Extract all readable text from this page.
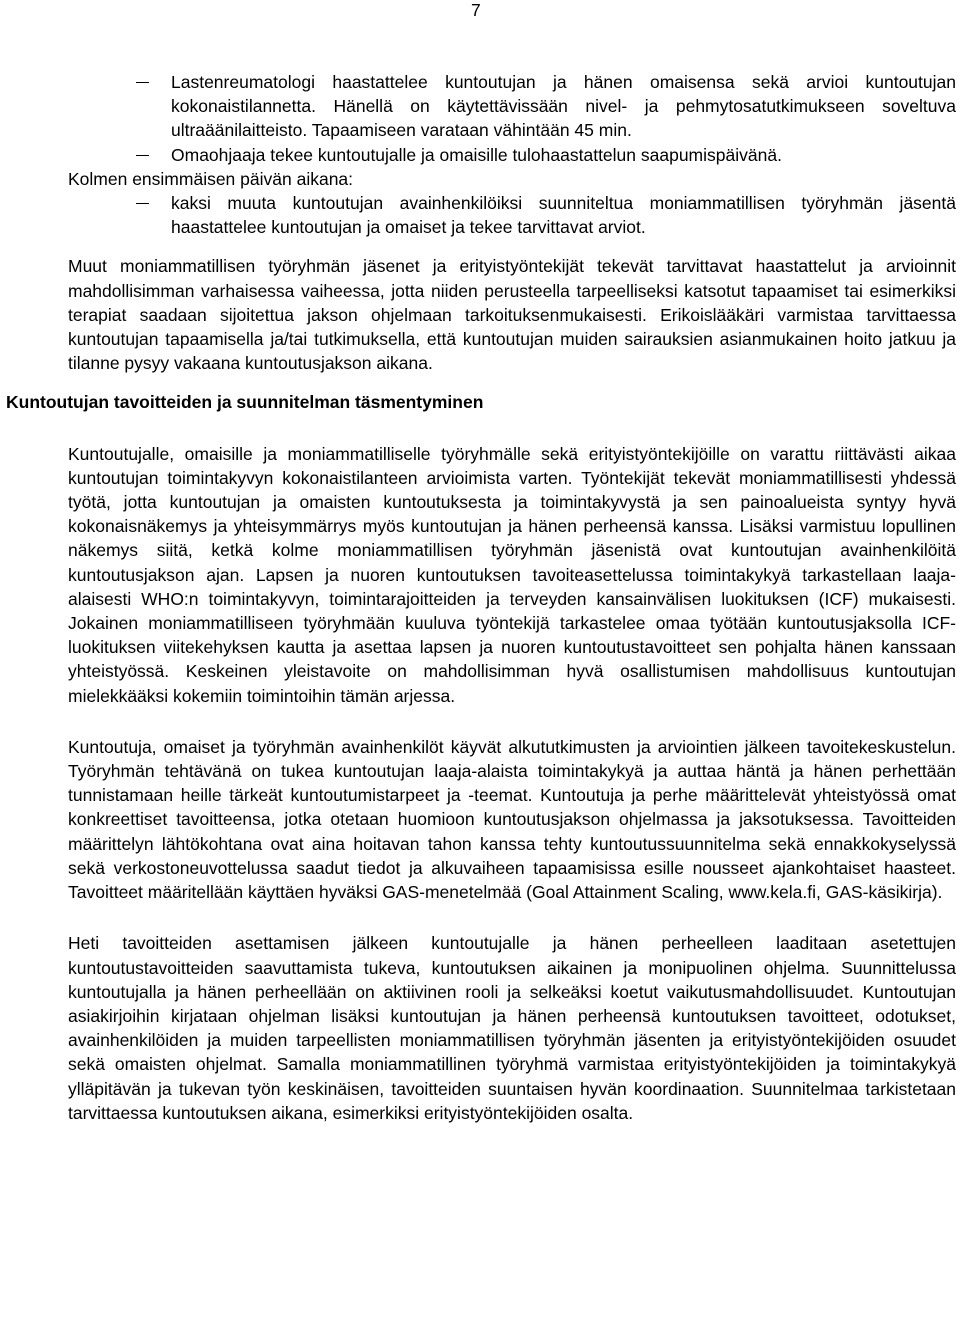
7

Lastenreumatologi haastattelee kuntoutujan ja hänen omaisensa sekä arvioi kuntoutujan kokonaistilannetta. Hänellä on käytettävissään nivel- ja pehmytosatutkimukseen soveltuva ultraäänilaitteisto. Tapaamiseen varataan vähintään 45 min.

Omaohjaaja tekee kuntoutujalle ja omaisille tulohaastattelun saapumispäivänä.

Kolmen ensimmäisen päivän aikana:

kaksi muuta kuntoutujan avainhenkilöiksi suunniteltua moniammatillisen työryhmän jäsentä haastattelee kuntoutujan ja omaiset ja tekee tarvittavat arviot.

Muut moniammatillisen työryhmän jäsenet ja erityistyöntekijät tekevät tarvittavat haastattelut ja arvioinnit mahdollisimman varhaisessa vaiheessa, jotta niiden perusteella tarpeelliseksi katsotut tapaamiset tai esimerkiksi terapiat saadaan sijoitettua jakson ohjelmaan tarkoituksenmukaisesti. Erikoislääkäri varmistaa tarvittaessa kuntoutujan tapaamisella ja/tai tutkimuksella, että kuntoutujan muiden sairauksien asianmukainen hoito jatkuu ja tilanne pysyy vakaana kuntoutusjakson aikana.

Kuntoutujan tavoitteiden ja suunnitelman täsmentyminen

Kuntoutujalle, omaisille ja moniammatilliselle työryhmälle sekä erityistyöntekijöille on varattu riittävästi aikaa kuntoutujan toimintakyvyn kokonaistilanteen arvioimista varten. Työntekijät tekevät moniammatillisesti yhdessä työtä, jotta kuntoutujan ja omaisten kuntoutuksesta ja toimintakyvystä ja sen painoalueista syntyy hyvä kokonaisnäkemys ja yhteisymmärrys myös kuntoutujan ja hänen perheensä kanssa. Lisäksi varmistuu lopullinen näkemys siitä, ketkä kolme moniammatillisen työryhmän jäsenistä ovat kuntoutujan avainhenkilöitä kuntoutusjakson ajan. Lapsen ja nuoren kuntoutuksen tavoiteasettelussa toimintakykyä tarkastellaan laaja-alaisesti WHO:n toimintakyvyn, toimintarajoitteiden ja terveyden kansainvälisen luokituksen (ICF) mukaisesti. Jokainen moniammatilliseen työryhmään kuuluva työntekijä tarkastelee omaa työtään kuntoutusjaksolla ICF-luokituksen viitekehyksen kautta ja asettaa lapsen ja nuoren kuntoutustavoitteet sen pohjalta hänen kanssaan yhteistyössä. Keskeinen yleistavoite on mahdollisimman hyvä osallistumisen mahdollisuus kuntoutujan mielekkääksi kokemiin toimintoihin tämän arjessa.

Kuntoutuja, omaiset ja työryhmän avainhenkilöt käyvät alkututkimusten ja arviointien jälkeen tavoitekeskustelun. Työryhmän tehtävänä on tukea kuntoutujan laaja-alaista toimintakykyä ja auttaa häntä ja hänen perhettään tunnistamaan heille tärkeät kuntoutumistarpeet ja -teemat. Kuntoutuja ja perhe määrittelevät yhteistyössä omat konkreettiset tavoitteensa, jotka otetaan huomioon kuntoutusjakson ohjelmassa ja jaksotuksessa. Tavoitteiden määrittelyn lähtökohtana ovat aina hoitavan tahon kanssa tehty kuntoutussuunnitelma sekä ennakkokyselyssä sekä verkostoneuvottelussa saadut tiedot ja alkuvaiheen tapaamisissa esille nousseet ajankohtaiset haasteet. Tavoitteet määritellään käyttäen hyväksi GAS-menetelmää (Goal Attainment Scaling, www.kela.fi, GAS-käsikirja).

Heti tavoitteiden asettamisen jälkeen kuntoutujalle ja hänen perheelleen laaditaan asetettujen kuntoutustavoitteiden saavuttamista tukeva, kuntoutuksen aikainen ja monipuolinen ohjelma. Suunnittelussa kuntoutujalla ja hänen perheellään on aktiivinen rooli ja selkeäksi koetut vaikutusmahdollisuudet. Kuntoutujan asiakirjoihin kirjataan ohjelman lisäksi kuntoutujan ja hänen perheensä kuntoutuksen tavoitteet, odotukset, avainhenkilöiden ja muiden tarpeellisten moniammatillisen työryhmän jäsenten ja erityistyöntekijöiden osuudet sekä omaisten ohjelmat. Samalla moniammatillinen työryhmä varmistaa erityistyöntekijöiden ja toimintakykyä ylläpitävän ja tukevan työn keskinäisen, tavoitteiden suuntaisen hyvän koordinaation. Suunnitelmaa tarkistetaan tarvittaessa kuntoutuksen aikana, esimerkiksi erityistyöntekijöiden osalta.
